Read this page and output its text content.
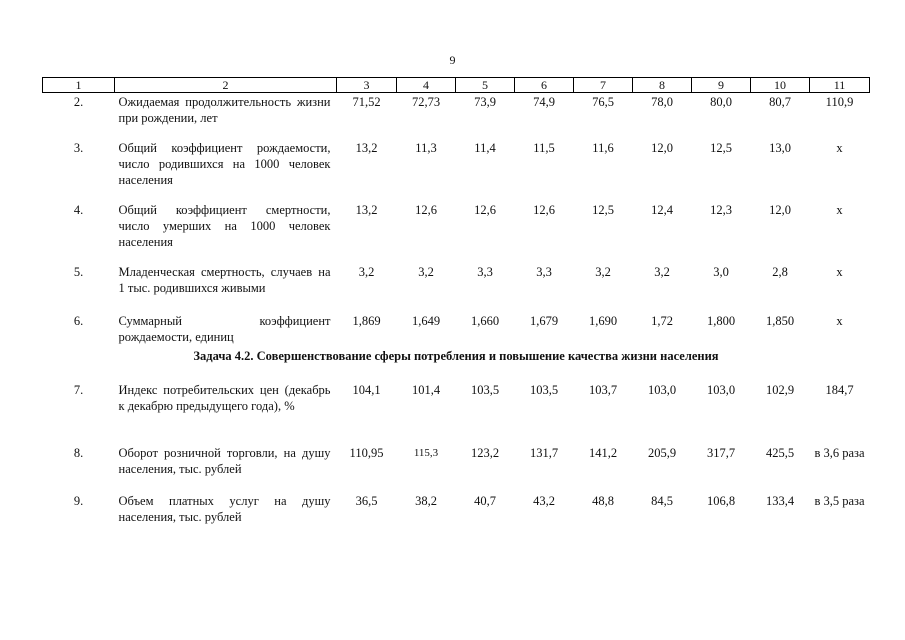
9
1	2	3	4	5	6	7	8	9	10	11
2.	Ожидаемая продолжительность жизни при рождении, лет	71,52	72,73	73,9	74,9	76,5	78,0	80,0	80,7	110,9
3.	Общий коэффициент рождаемости, число родившихся на 1000 человек населения	13,2	11,3	11,4	11,5	11,6	12,0	12,5	13,0	х
4.	Общий коэффициент смертности, число умерших на 1000 человек населения	13,2	12,6	12,6	12,6	12,5	12,4	12,3	12,0	х
5.	Младенческая смертность, случаев на 1 тыс. родившихся живыми	3,2	3,2	3,3	3,3	3,2	3,2	3,0	2,8	х
6.	Суммарный коэффициент рождаемости, единиц	1,869	1,649	1,660	1,679	1,690	1,72	1,800	1,850	х
Задача 4.2. Совершенствование сферы потребления и повышение качества жизни населения										
7.	Индекс потребительских цен (декабрь к декабрю предыдущего года), %	104,1	101,4	103,5	103,5	103,7	103,0	103,0	102,9	184,7
8.	Оборот розничной торговли, на душу населения, тыс. рублей	110,95	115,3	123,2	131,7	141,2	205,9	317,7	425,5	в 3,6 раза
9.	Объем платных услуг на душу населения, тыс. рублей	36,5	38,2	40,7	43,2	48,8	84,5	106,8	133,4	в 3,5 раза
